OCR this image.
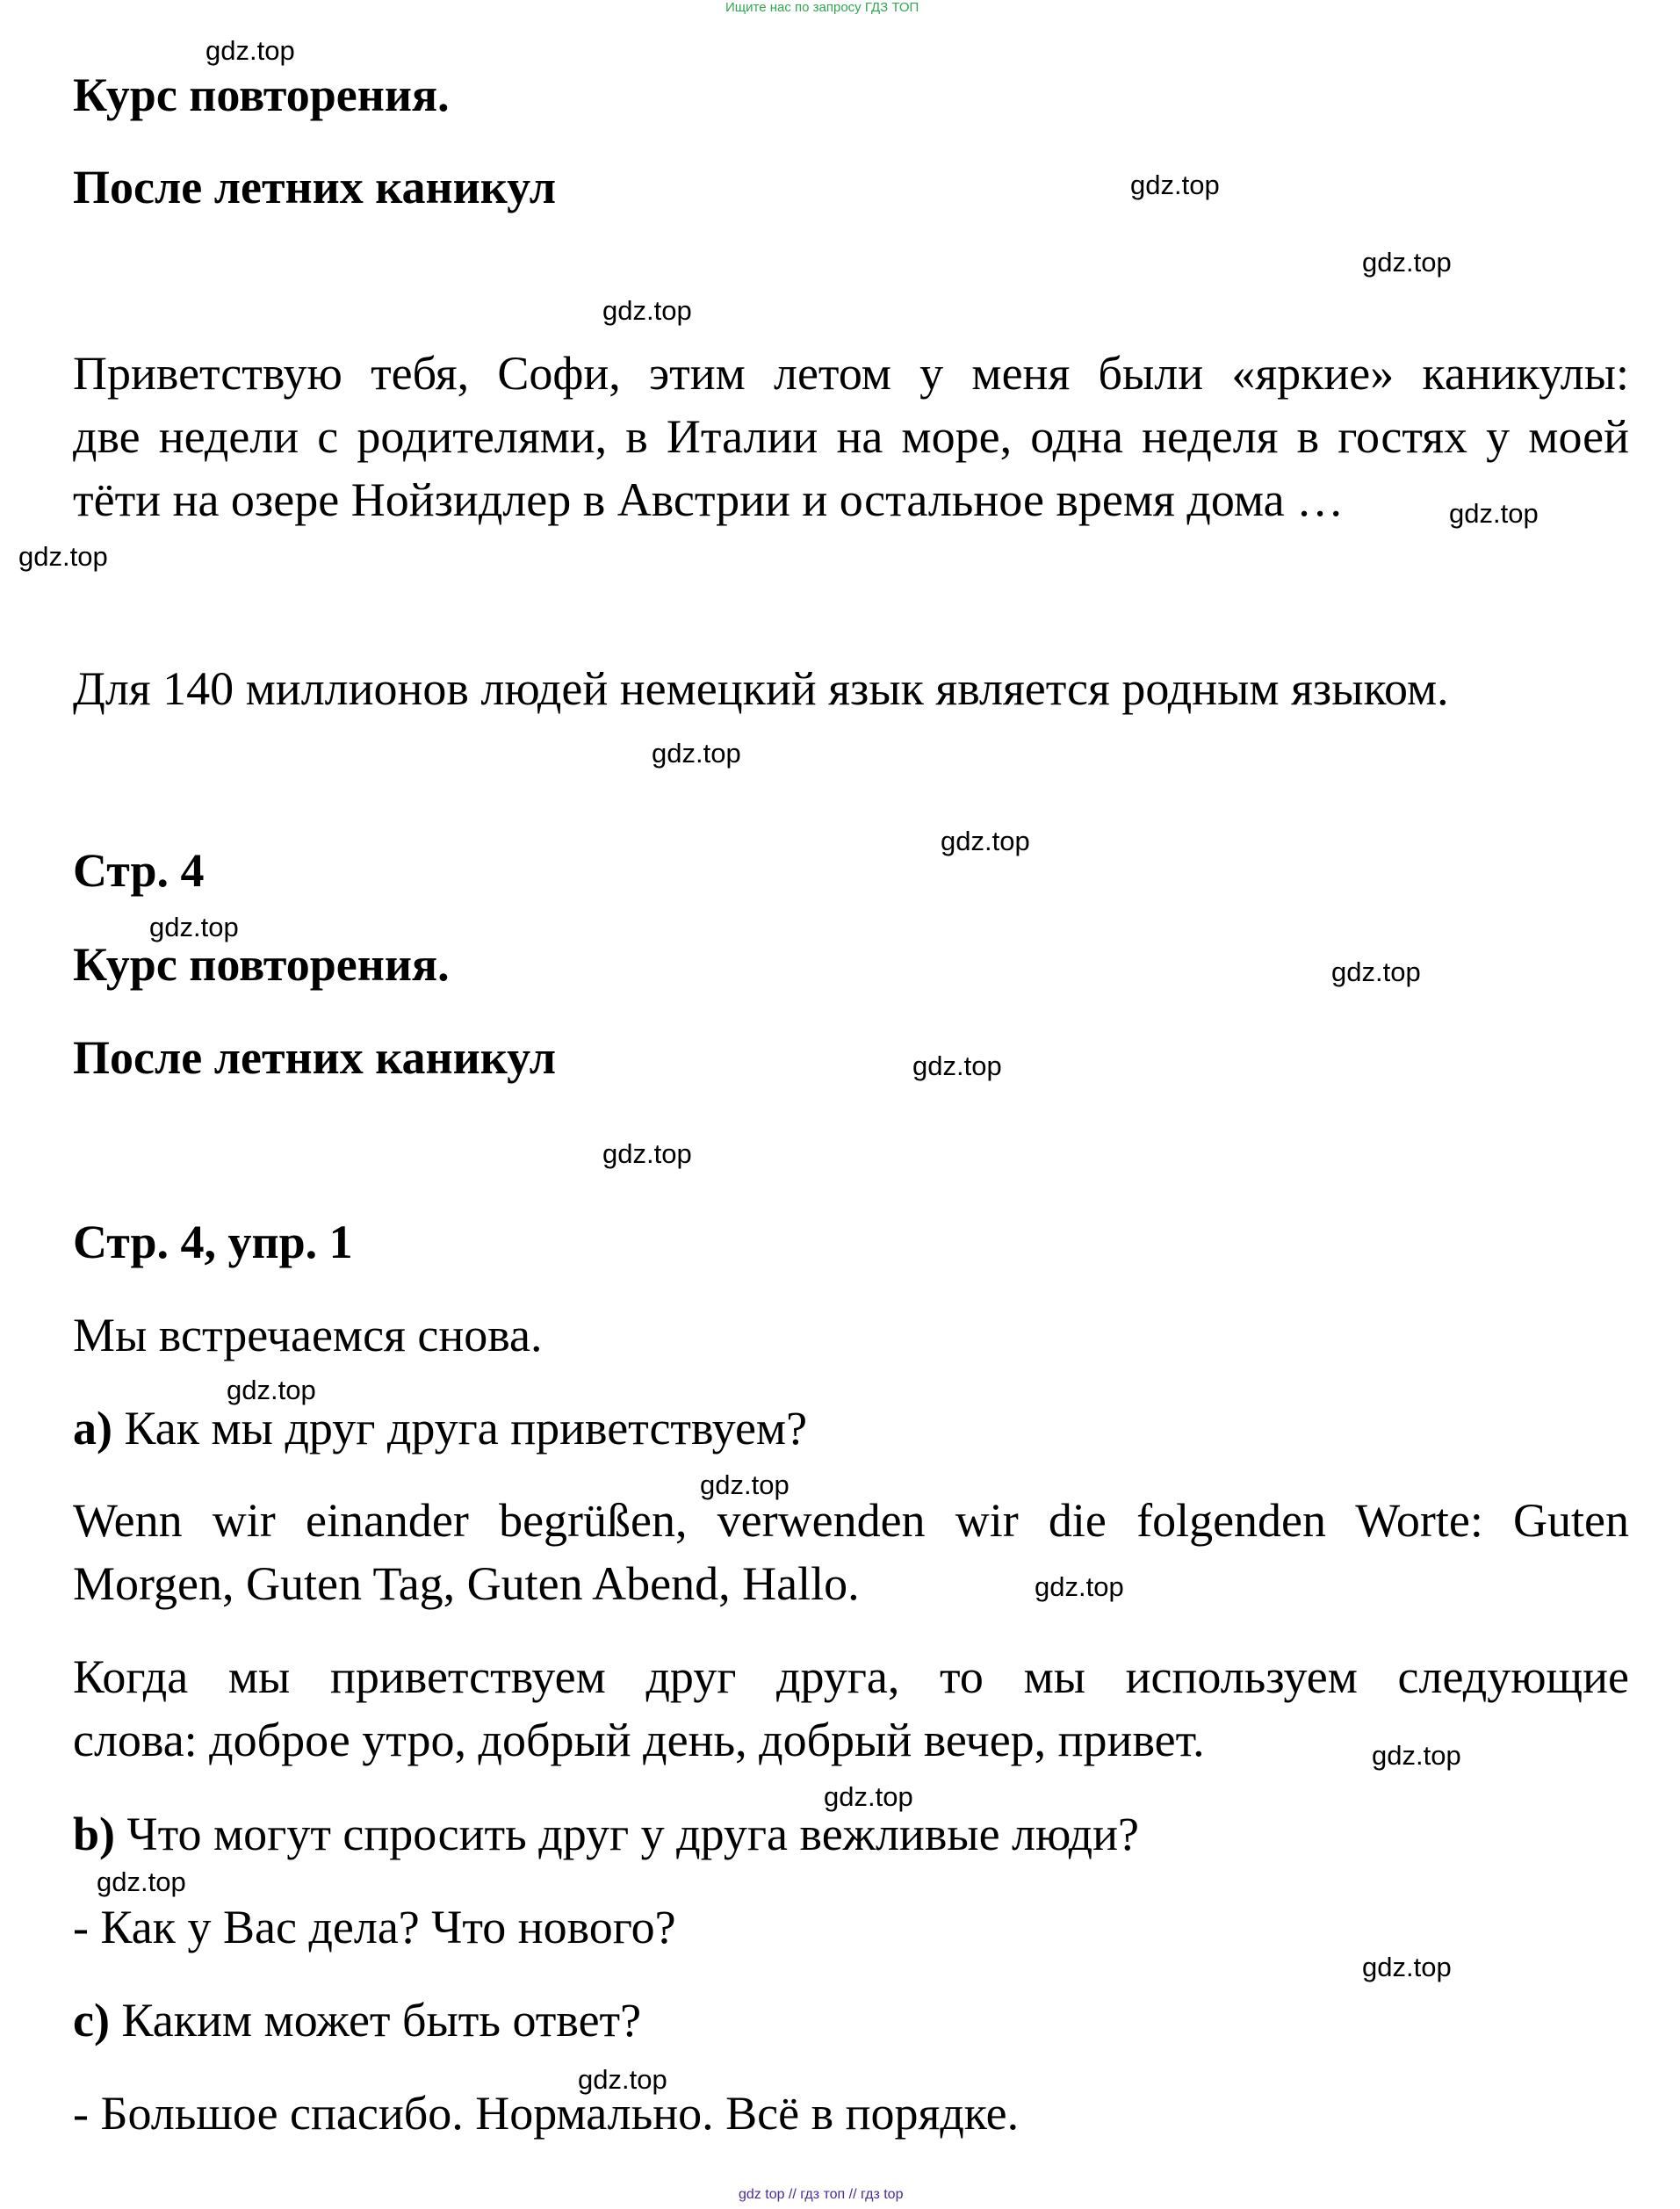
Ищите нас по запросу ГДЗ ТОП
Курс повторения.
После летних каникул
Приветствую тебя, Софи, этим летом у меня были «яркие» каникулы:
две недели с родителями, в Италии на море, одна неделя в гостях у моей
тёти на озере Нойзидлер в Австрии и остальное время дома …
Для 140 миллионов людей немецкий язык является родным языком.
Стр. 4
Курс повторения.
После летних каникул
Стр. 4, упр. 1
Мы встречаемся снова.
a) Как мы друг друга приветствуем?
Wenn wir einander begrüßen, verwenden wir die folgenden Worte: Guten
Morgen, Guten Tag, Guten Abend, Hallo.
Когда мы приветствуем друг друга, то мы используем следующие
слова: доброе утро, добрый день, добрый вечер, привет.
b) Что могут спросить друг у друга вежливые люди?
- Как у Вас дела? Что нового?
c) Каким может быть ответ?
- Большое спасибо. Нормально. Всё в порядке.
gdz.top
gdz.top
gdz.top
gdz.top
gdz.top
gdz.top
gdz.top
gdz.top
gdz.top
gdz.top
gdz.top
gdz.top
gdz.top
gdz.top
gdz.top
gdz.top
gdz.top
gdz.top
gdz.top
gdz.top
gdz top // гдз топ // гдз top
